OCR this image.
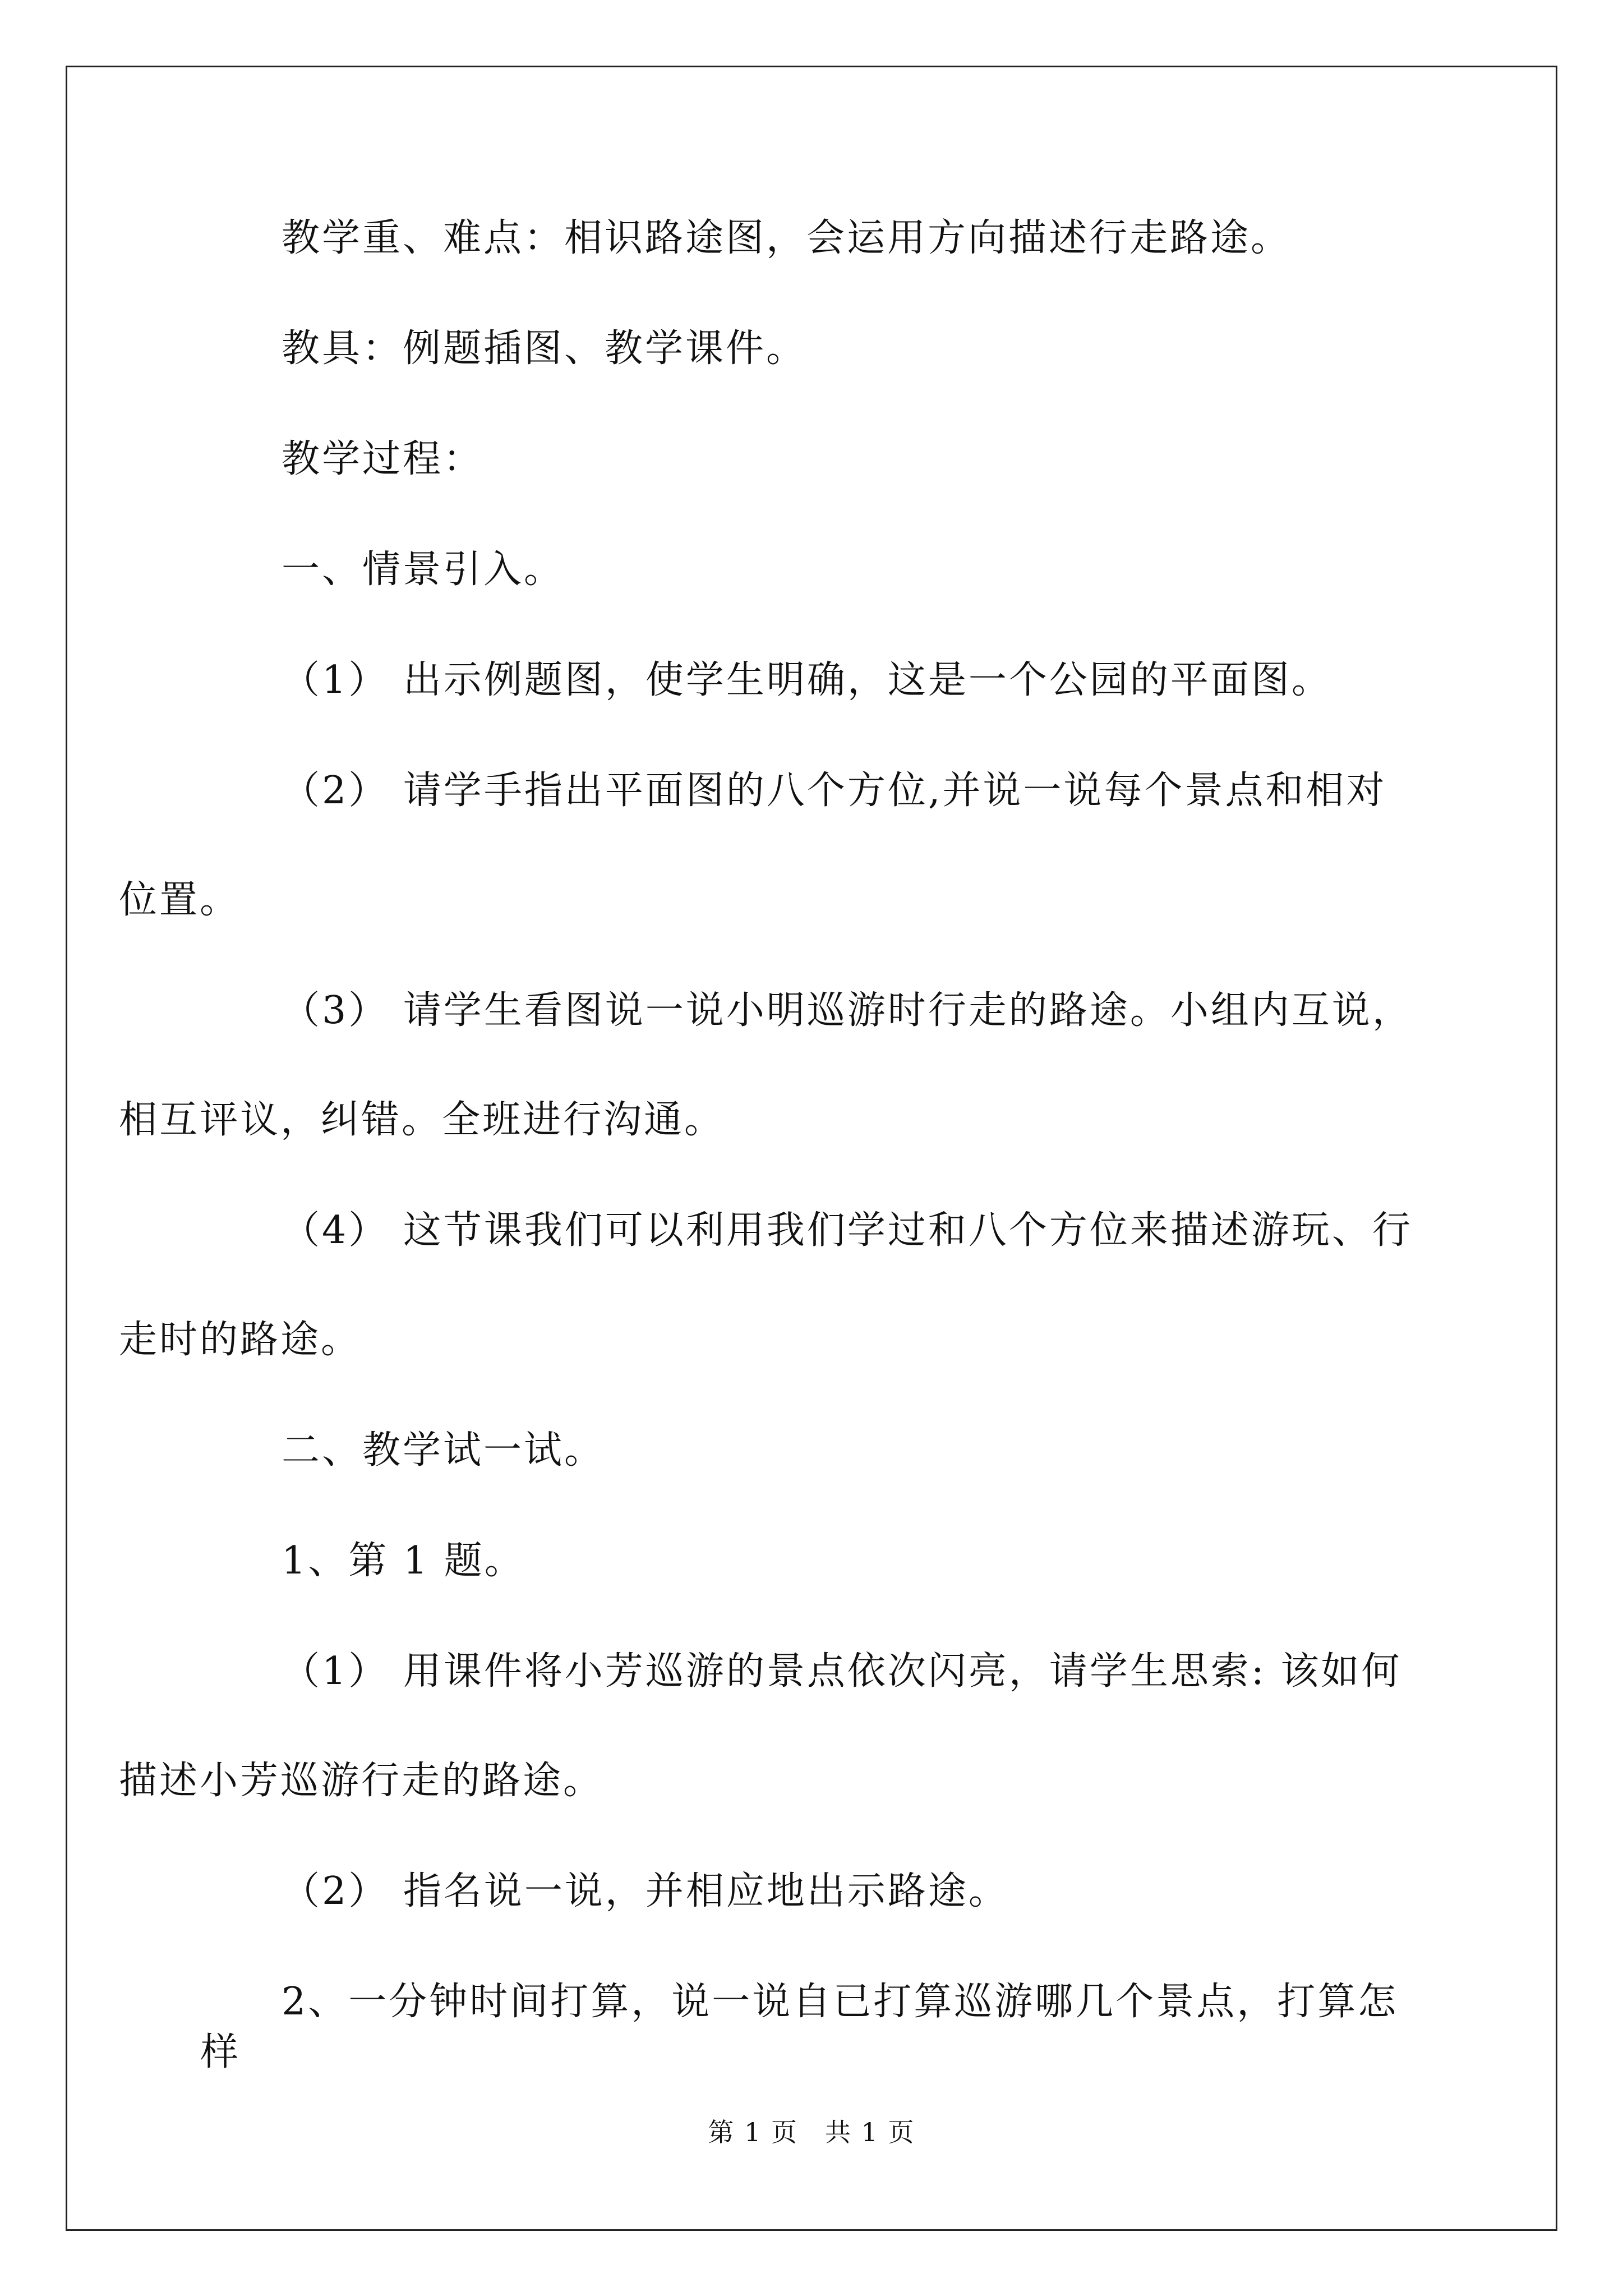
教学重、难点：相识路途图，会运用方向描述行走路途。

教具：例题插图、教学课件。

教学过程：

一、情景引入。

（1） 出示例题图，使学生明确，这是一个公园的平面图。

（2） 请学手指出平面图的八个方位,并说一说每个景点和相对
位置。

（3） 请学生看图说一说小明巡游时行走的路途。小组内互说，
相互评议，纠错。全班进行沟通。

（4） 这节课我们可以利用我们学过和八个方位来描述游玩、行
走时的路途。

二、教学试一试。

1、第 1 题。

（1） 用课件将小芳巡游的景点依次闪亮，请学生思索: 该如何
描述小芳巡游行走的路途。

（2） 指名说一说，并相应地出示路途。

2、一分钟时间打算，说一说自已打算巡游哪几个景点，打算怎样

第 1 页　共 1 页
